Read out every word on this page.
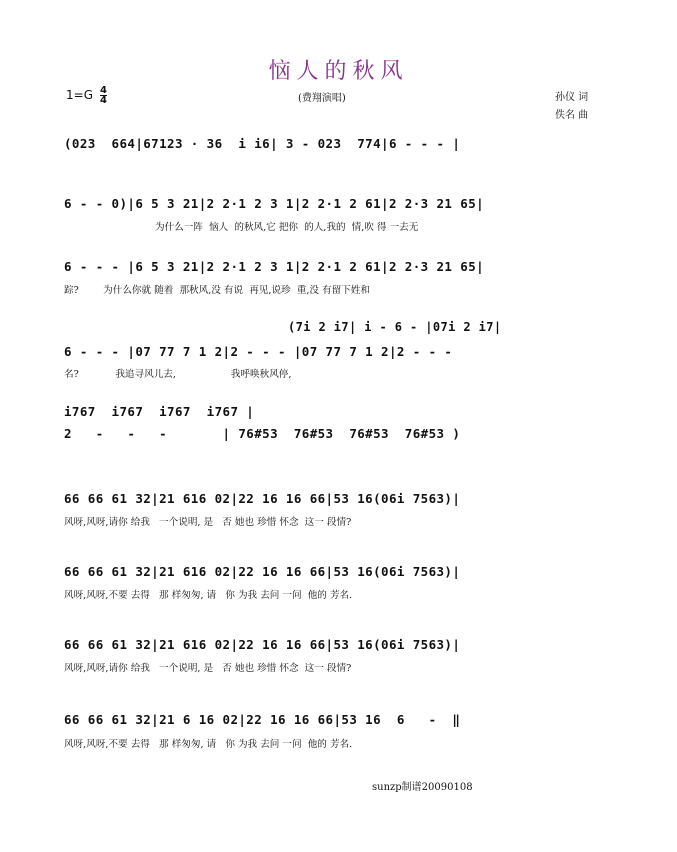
恼人的秋风
1=G 4
4	(费翔演唱)	孙仪 词
佚名 曲
(023  664|67123 · 36  i i6| 3 - 023  774|6 - - - |
6 - - 0)|6 5 3 21|2 2·1 2 3 1|2 2·1 2 61|2 2·3 21 65|
为什么一阵  恼人  的秋风,它 把你  的人,我的  情,吹 得 一去无
6 - - - |6 5 3 21|2 2·1 2 3 1|2 2·1 2 61|2 2·3 21 65|
踪?        为什么你就 随着  那秋风,没 有说  再见,说珍  重,没 有留下姓和
(7i 2 i7| i - 6 - |07i 2 i7|
6 - - - |07 77 7 1 2|2 - - - |07 77 7 1 2|2 - - -
名?            我追寻风儿去,                  我呼唤秋风停,
i767  i767  i767  i767 |
2   -   -   -       | 76#53  76#53  76#53  76#53 )
66 66 61 32|21 616 02|22 16 16 66|53 16(06i 7563)|
风呀,风呀,请你 给我   一个说明, 是   否 她也 珍惜 怀念  这一 段情?
66 66 61 32|21 616 02|22 16 16 66|53 16(06i 7563)|
风呀,风呀,不要 去得   那 样匆匆, 请   你 为我 去问 一问  他的 芳名.
66 66 61 32|21 616 02|22 16 16 66|53 16(06i 7563)|
风呀,风呀,请你 给我   一个说明, 是   否 她也 珍惜 怀念  这一 段情?
66 66 61 32|21 6 16 02|22 16 16 66|53 16  6   -  ‖
风呀,风呀,不要 去得   那 样匆匆, 请   你 为我 去问 一问  他的 芳名.
sunzp制谱20090108
